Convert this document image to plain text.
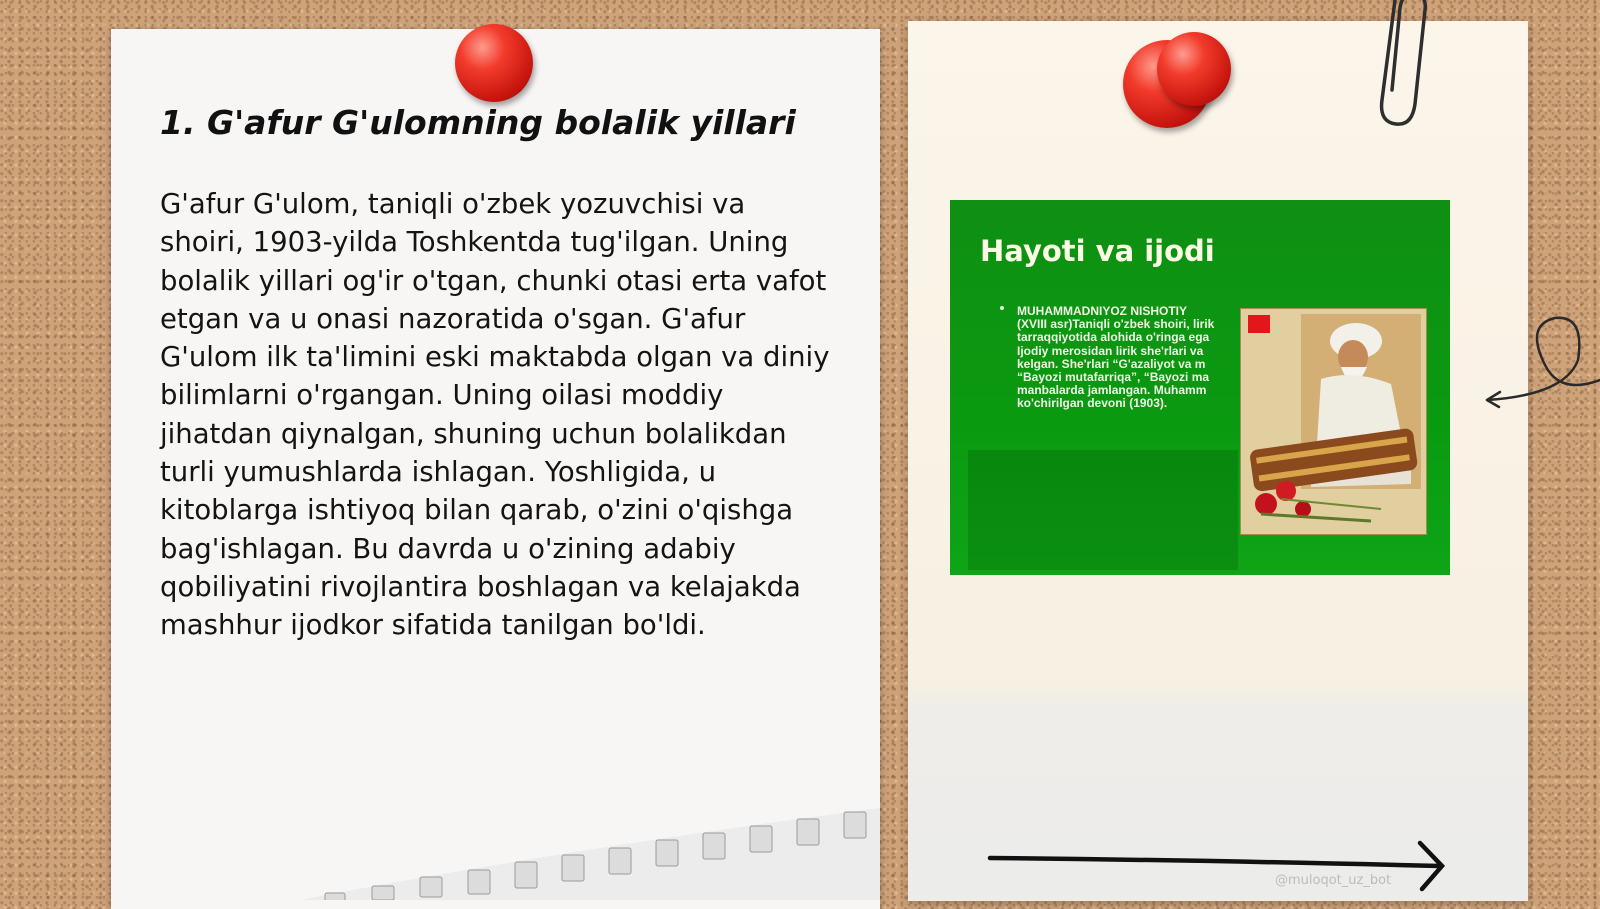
1. G'afur G'ulomning bolalik yillari

G'afur G'ulom, taniqli o'zbek yozuvchisi va shoiri, 1903-yilda Toshkentda tug'ilgan. Uning bolalik yillari og'ir o'tgan, chunki otasi erta vafot etgan va u onasi nazoratida o'sgan. G'afur G'ulom ilk ta'limini eski maktabda olgan va diniy bilimlarni o'rgangan. Uning oilasi moddiy jihatdan qiynalgan, shuning uchun bolalikdan turli yumushlarda ishlagan. Yoshligida, u kitoblarga ishtiyoq bilan qarab, o'zini o'qishga bag'ishlagan. Bu davrda u o'zining adabiy qobiliyatini rivojlantira boshlagan va kelajakda mashhur ijodkor sifatida tanilgan bo'ldi.

Hayoti va ijodi
MUHAMMADNIYOZ NISHOTIY
(XVIII asr)Taniqli o'zbek shoiri, lirik
tarraqqiyotida alohida o'ringa ega
Ijodiy merosidan lirik she'rlari va
kelgan. She'rlari “G'azaliyot va m
“Bayozi mutafarriqa”, “Bayozi ma
manbalarda jamlangan. Muhamm
ko'chirilgan devoni (1903).
@muloqot_uz_bot
